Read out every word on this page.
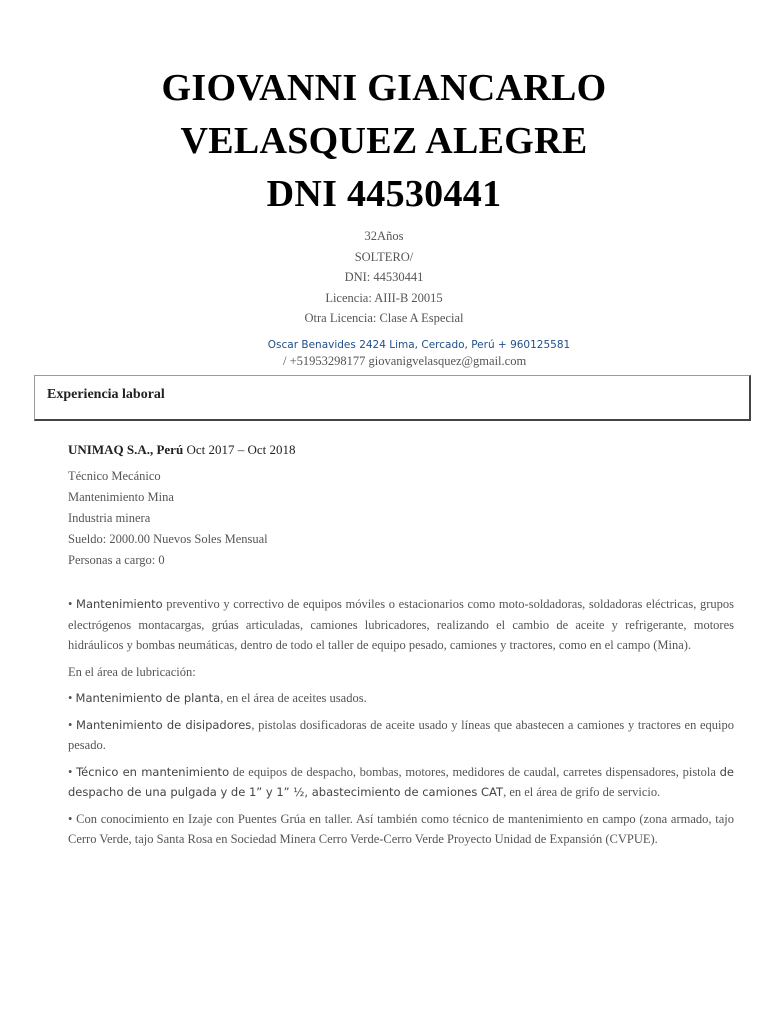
GIOVANNI GIANCARLO
VELASQUEZ ALEGRE
DNI 44530441
32Años
SOLTERO/
DNI: 44530441
Licencia: AIII-B 20015
Otra Licencia: Clase A Especial
Oscar Benavides 2424 Lima, Cercado, Perú + 960125581
/ +51953298177 giovanigvelasquez@gmail.com
Experiencia laboral
UNIMAQ S.A., Perú Oct 2017 – Oct 2018
Técnico Mecánico
Mantenimiento Mina
Industria minera
Sueldo: 2000.00 Nuevos Soles Mensual
Personas a cargo: 0

• Mantenimiento preventivo y correctivo de equipos móviles o estacionarios como moto-soldadoras, soldadoras eléctricas, grupos electrógenos montacargas, grúas articuladas, camiones lubricadores, realizando el cambio de aceite y refrigerante, motores hidráulicos y bombas neumáticas, dentro de todo el taller de equipo pesado, camiones y tractores, como en el campo (Mina).

En el área de lubricación:

• Mantenimiento de planta, en el área de aceites usados.

• Mantenimiento de disipadores, pistolas dosificadoras de aceite usado y líneas que abastecen a camiones y tractores en equipo pesado.

• Técnico en mantenimiento de equipos de despacho, bombas, motores, medidores de caudal, carretes dispensadores, pistola de despacho de una pulgada y de 1” y 1” ½, abastecimiento de camiones CAT, en el área de grifo de servicio.

• Con conocimiento en Izaje con Puentes Grúa en taller. Así también como técnico de mantenimiento en campo (zona armado, tajo Cerro Verde, tajo Santa Rosa en Sociedad Minera Cerro Verde-Cerro Verde Proyecto Unidad de Expansión (CVPUE).
